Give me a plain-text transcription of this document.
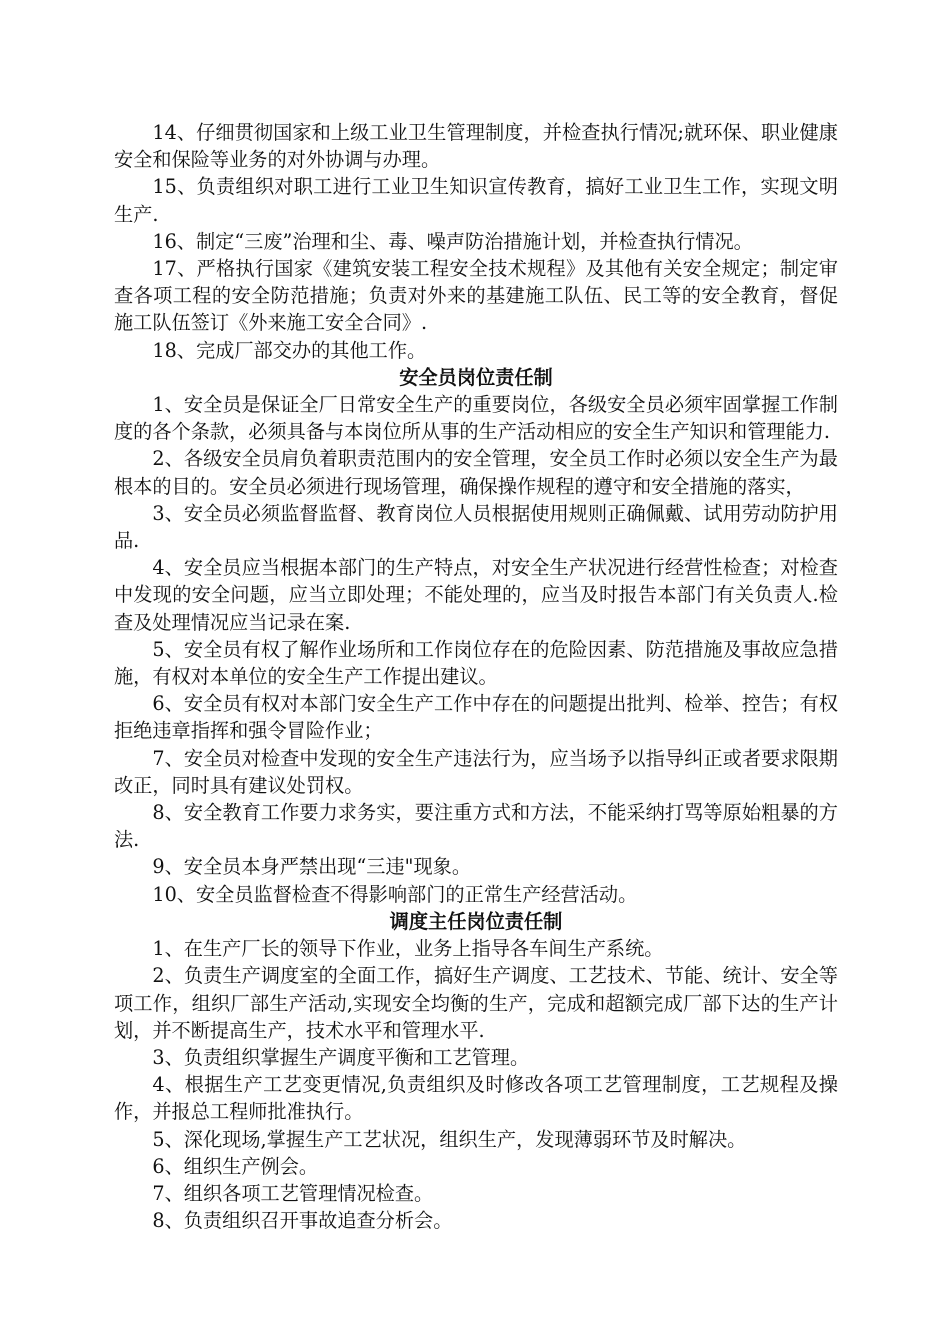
14、仔细贯彻国家和上级工业卫生管理制度，并检查执行情况;就环保、职业健康安全和保险等业务的对外协调与办理。

15、负责组织对职工进行工业卫生知识宣传教育，搞好工业卫生工作，实现文明生产.

16、制定“三废”治理和尘、毒、噪声防治措施计划，并检查执行情况。

17、严格执行国家《建筑安装工程安全技术规程》及其他有关安全规定；制定审查各项工程的安全防范措施；负责对外来的基建施工队伍、民工等的安全教育，督促施工队伍签订《外来施工安全合同》.

18、完成厂部交办的其他工作。

安全员岗位责任制

1、安全员是保证全厂日常安全生产的重要岗位，各级安全员必须牢固掌握工作制度的各个条款，必须具备与本岗位所从事的生产活动相应的安全生产知识和管理能力.

2、各级安全员肩负着职责范围内的安全管理，安全员工作时必须以安全生产为最根本的目的。安全员必须进行现场管理，确保操作规程的遵守和安全措施的落实，

3、安全员必须监督监督、教育岗位人员根据使用规则正确佩戴、试用劳动防护用品.

4、安全员应当根据本部门的生产特点，对安全生产状况进行经营性检查；对检查中发现的安全问题，应当立即处理；不能处理的，应当及时报告本部门有关负责人.检查及处理情况应当记录在案.

5、安全员有权了解作业场所和工作岗位存在的危险因素、防范措施及事故应急措施，有权对本单位的安全生产工作提出建议。

6、安全员有权对本部门安全生产工作中存在的问题提出批判、检举、控告；有权拒绝违章指挥和强令冒险作业；

7、安全员对检查中发现的安全生产违法行为，应当场予以指导纠正或者要求限期改正，同时具有建议处罚权。

8、安全教育工作要力求务实，要注重方式和方法，不能采纳打骂等原始粗暴的方法.

9、安全员本身严禁出现“三违"现象。

10、安全员监督检查不得影响部门的正常生产经营活动。

调度主任岗位责任制

1、在生产厂长的领导下作业，业务上指导各车间生产系统。

2、负责生产调度室的全面工作，搞好生产调度、工艺技术、节能、统计、安全等项工作，组织厂部生产活动,实现安全均衡的生产，完成和超额完成厂部下达的生产计划，并不断提高生产，技术水平和管理水平.

3、负责组织掌握生产调度平衡和工艺管理。

4、根据生产工艺变更情况,负责组织及时修改各项工艺管理制度，工艺规程及操作，并报总工程师批准执行。

5、深化现场,掌握生产工艺状况，组织生产，发现薄弱环节及时解决。

6、组织生产例会。

7、组织各项工艺管理情况检查。

8、负责组织召开事故追查分析会。
